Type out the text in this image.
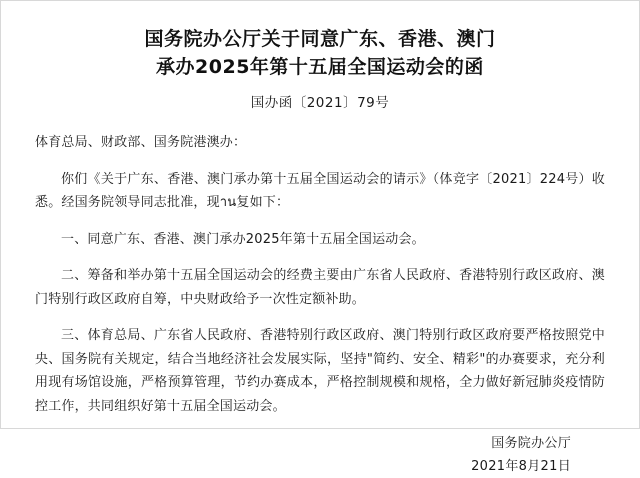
国务院办公厅关于同意广东、香港、澳门
承办2025年第十五届全国运动会的函
国办函〔2021〕79号

体育总局、财政部、国务院港澳办：

你们《关于广东、香港、澳门承办第十五届全国运动会的请示》（体竞字〔2021〕224号）收悉。经国务院领导同志批准，现าน复如下：

一、同意广东、香港、澳门承办2025年第十五届全国运动会。

二、筹备和举办第十五届全国运动会的经费主要由广东省人民政府、香港特别行政区政府、澳门特别行政区政府自筹，中央财政给予一次性定额补助。

三、体育总局、广东省人民政府、香港特别行政区政府、澳门特别行政区政府要严格按照党中央、国务院有关规定，结合当地经济社会发展实际，坚持"简约、安全、精彩"的办赛要求，充分利用现有场馆设施，严格预算管理，节约办赛成本，严格控制规模和规格，全力做好新冠肺炎疫情防控工作，共同组织好第十五届全国运动会。

国务院办公厅
2021年8月21日
